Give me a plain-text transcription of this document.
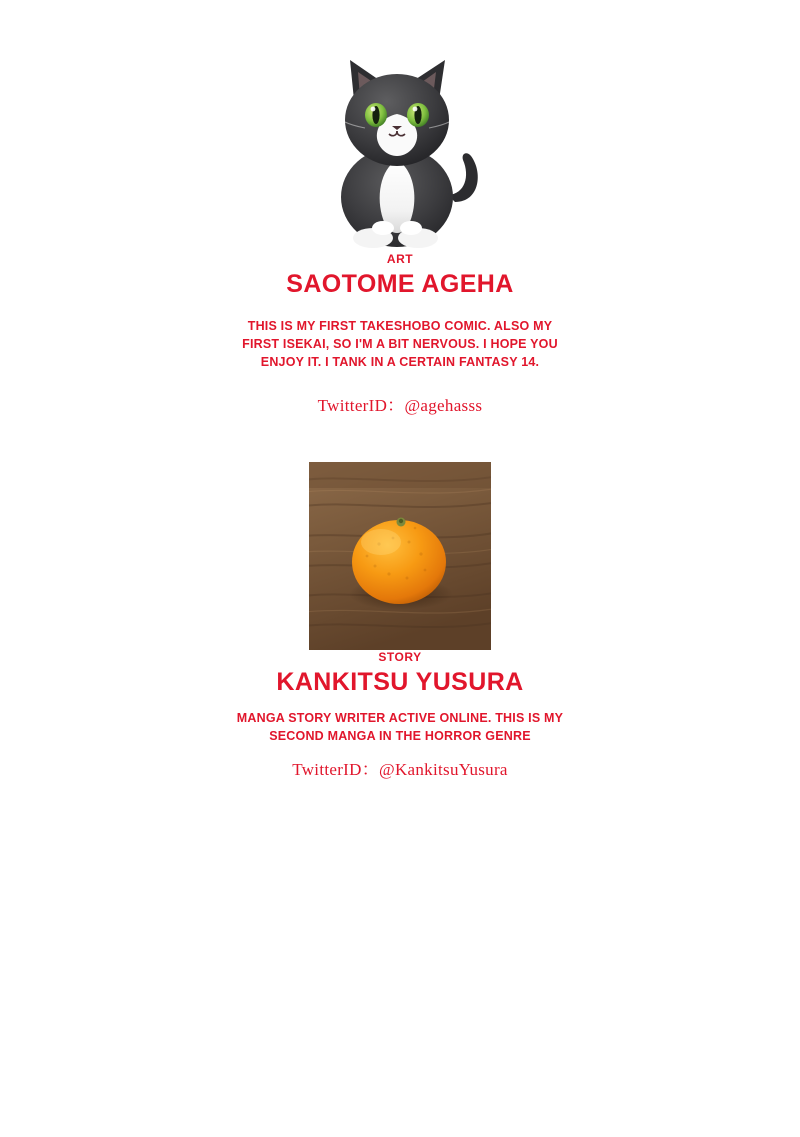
ART

SAOTOME AGEHA

THIS IS MY FIRST TAKESHOBO COMIC. ALSO MY FIRST ISEKAI, SO I'M A BIT NERVOUS. I HOPE YOU ENJOY IT. I TANK IN A CERTAIN FANTASY 14.

TwitterID：@agehasss

STORY

KANKITSU YUSURA

MANGA STORY WRITER ACTIVE ONLINE. THIS IS MY SECOND MANGA IN THE HORROR GENRE

TwitterID：@KankitsuYusura
